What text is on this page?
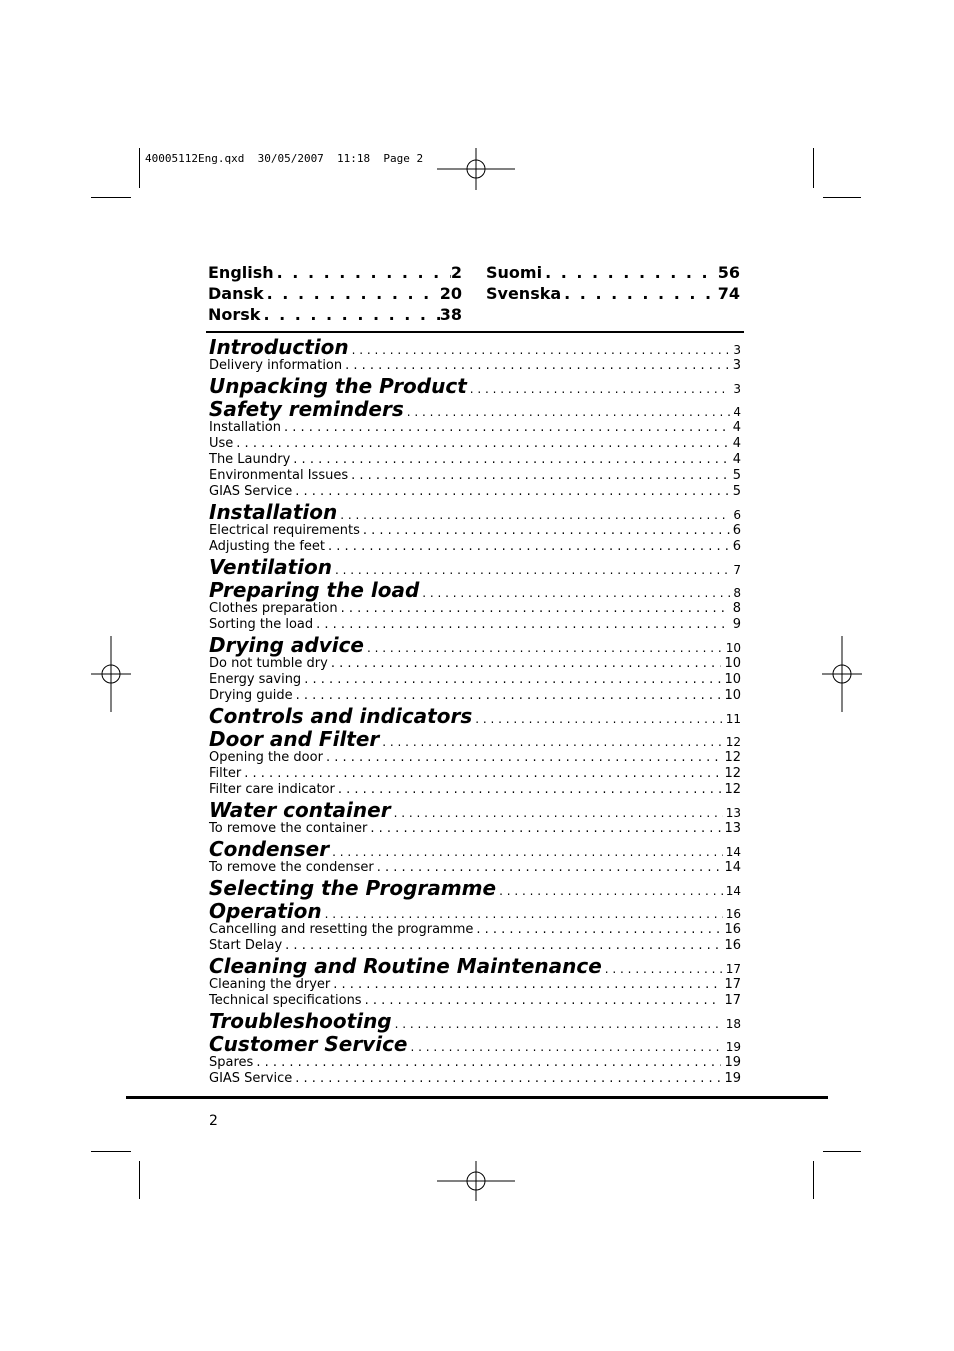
40005112Eng.qxd  30/05/2007  11:18  Page 2
English . . .	2
Dansk . . .	20
Norsk . . .	38
Suomi . . .	56
Svenska . . .	74
Introduction . . .	3
Delivery information . . .	3
Unpacking the Product . . .	3
Safety reminders . . .	4
Installation . . .	4
Use . . .	4
The Laundry . . .	4
Environmental Issues . . .	5
GIAS Service . . .	5
Installation . . .	6
Electrical requirements . . .	6
Adjusting the feet . . .	6
Ventilation . . .	7
Preparing the load . . .	8
Clothes preparation . . .	8
Sorting the load . . .	9
Drying advice . . .	10
Do not tumble dry . . .	10
Energy saving . . .	10
Drying guide . . .	10
Controls and indicators . . .	11
Door and Filter . . .	12
Opening the door . . .	12
Filter . . .	12
Filter care indicator . . .	12
Water container . . .	13
To remove the container . . .	13
Condenser . . .	14
To remove the condenser . . .	14
Selecting the Programme . . .	14
Operation . . .	16
Cancelling and resetting the programme . . .	16
Start Delay . . .	16
Cleaning and Routine Maintenance . . .	17
Cleaning the dryer . . .	17
Technical specifications . . .	17
Troubleshooting . . .	18
Customer Service . . .	19
Spares . . .	19
GIAS Service . . .	19
2
